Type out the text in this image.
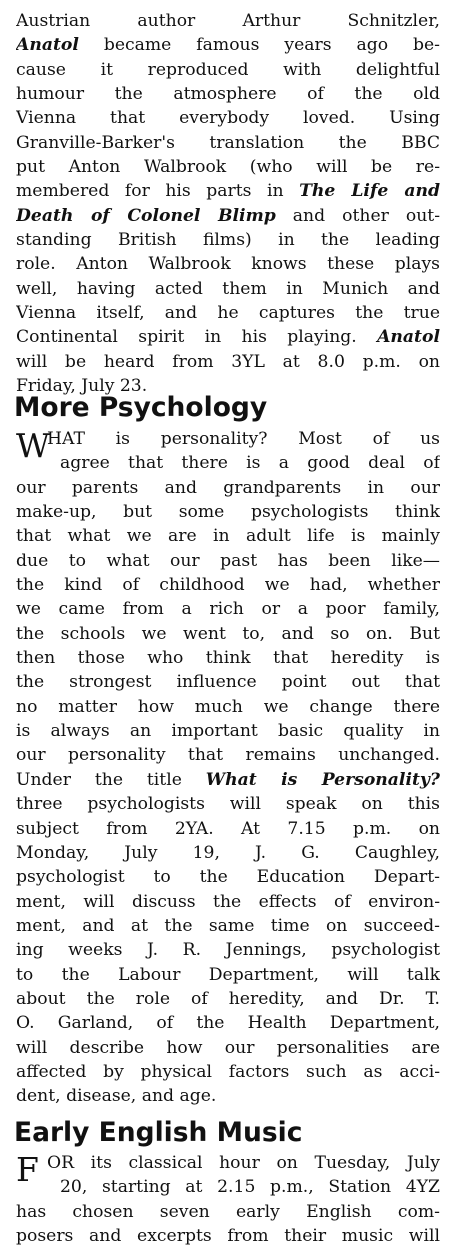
Austrian author Arthur Schnitzler,
Anatol became famous years ago be-
cause it reproduced with delightful
humour the atmosphere of the old
Vienna that everybody loved. Using
Granville-Barker's translation the BBC
put Anton Walbrook (who will be re-
membered for his parts in The Life and
Death of Colonel Blimp and other out-
standing British films) in the leading
role. Anton Walbrook knows these plays
well, having acted them in Munich and
Vienna itself, and he captures the true
Continental spirit in his playing. Anatol
will be heard from 3YL at 8.0 p.m. on
Friday, July 23.
More Psychology
W
HAT is personality? Most of us
agree that there is a good deal of
our parents and grandparents in our
make-up, but some psychologists think
that what we are in adult life is mainly
due to what our past has been like—
the kind of childhood we had, whether
we came from a rich or a poor family,
the schools we went to, and so on. But
then those who think that heredity is
the strongest influence point out that
no matter how much we change there
is always an important basic quality in
our personality that remains unchanged.
Under the title What is Personality?
three psychologists will speak on this
subject from 2YA. At 7.15 p.m. on
Monday, July 19, J. G. Caughley,
psychologist to the Education Depart-
ment, will discuss the effects of environ-
ment, and at the same time on succeed-
ing weeks J. R. Jennings, psychologist
to the Labour Department, will talk
about the role of heredity, and Dr. T.
O. Garland, of the Health Department,
will describe how our personalities are
affected by physical factors such as acci-
dent, disease, and age.
Early English Music
F OR its classical hour on Tuesday, July
20, starting at 2.15 p.m., Station 4YZ
has chosen seven early English com-
posers and excerpts from their music will
